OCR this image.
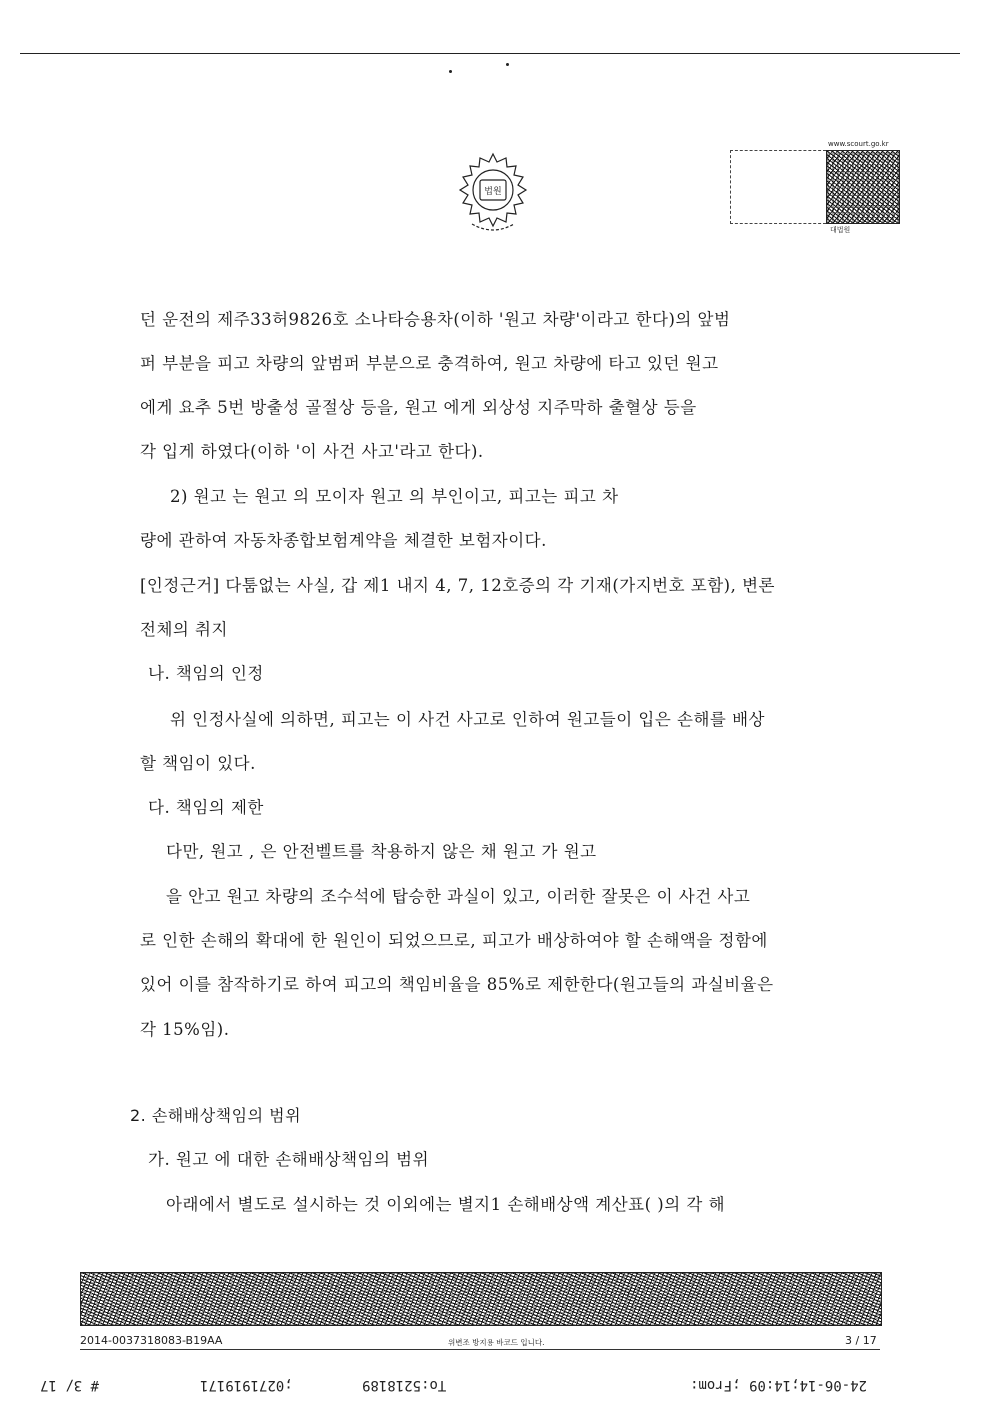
법원
www.scourt.go.kr
대법원
던 운전의 제주33허9826호 소나타승용차(이하 '원고 차량'이라고 한다)의 앞범
퍼 부분을 피고 차량의 앞범퍼 부분으로 충격하여, 원고 차량에 타고 있던 원고
에게 요추 5번 방출성 골절상 등을, 원고 에게 외상성 지주막하 출혈상 등을
각 입게 하였다(이하 '이 사건 사고'라고 한다).
2) 원고 는 원고 의 모이자 원고 의 부인이고, 피고는 피고 차
량에 관하여 자동차종합보험계약을 체결한 보험자이다.
[인정근거] 다툼없는 사실, 갑 제1 내지 4, 7, 12호증의 각 기재(가지번호 포함), 변론
전체의 취지
나. 책임의 인정
위 인정사실에 의하면, 피고는 이 사건 사고로 인하여 원고들이 입은 손해를 배상
할 책임이 있다.
다. 책임의 제한
다만, 원고 , 은 안전벨트를 착용하지 않은 채 원고 가 원고
을 안고 원고 차량의 조수석에 탑승한 과실이 있고, 이러한 잘못은 이 사건 사고
로 인한 손해의 확대에 한 원인이 되었으므로, 피고가 배상하여야 할 손해액을 정함에
있어 이를 참작하기로 하여 피고의 책임비율을 85%로 제한한다(원고들의 과실비율은
각 15%임).
2. 손해배상책임의 범위
가. 원고 에 대한 손해배상책임의 범위
아래에서 별도로 설시하는 것 이외에는 별지1 손해배상액 계산표( )의 각 해
2014-0037318083-B19AA	위변조 방지용 바코드 입니다.	3 / 17
# 3/ 17	;0271919171	To:5218189	24-06-14;14:09 ;From:
